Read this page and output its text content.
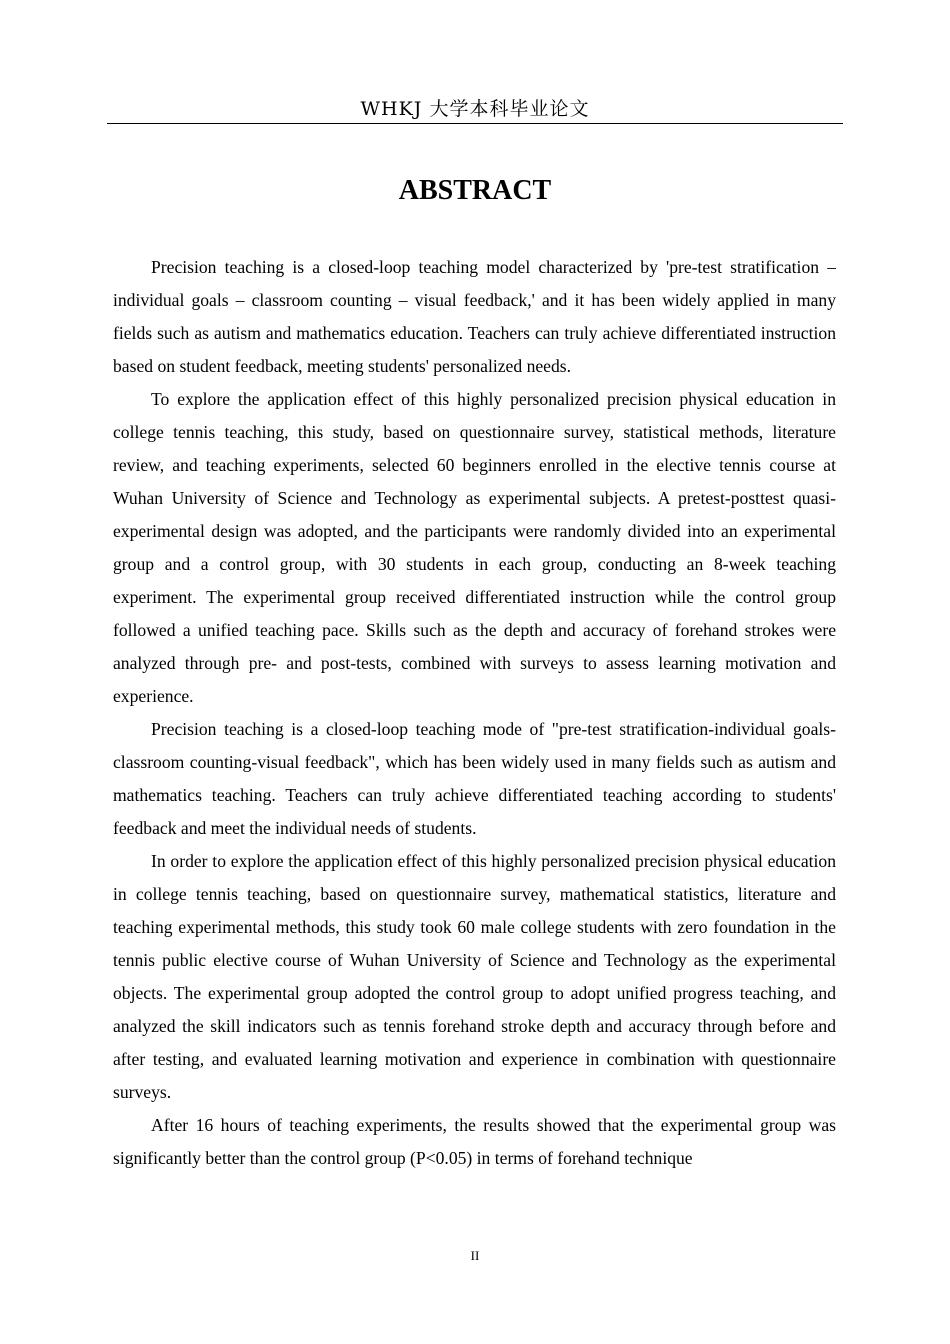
WHKJ 大学本科毕业论文
ABSTRACT

Precision teaching is a closed-loop teaching model characterized by 'pre-test stratification – individual goals – classroom counting – visual feedback,' and it has been widely applied in many fields such as autism and mathematics education. Teachers can truly achieve differentiated instruction based on student feedback, meeting students' personalized needs.

To explore the application effect of this highly personalized precision physical education in college tennis teaching, this study, based on questionnaire survey, statistical methods, literature review, and teaching experiments, selected 60 beginners enrolled in the elective tennis course at Wuhan University of Science and Technology as experimental subjects. A pretest-posttest quasi-experimental design was adopted, and the participants were randomly divided into an experimental group and a control group, with 30 students in each group, conducting an 8-week teaching experiment. The experimental group received differentiated instruction while the control group followed a unified teaching pace. Skills such as the depth and accuracy of forehand strokes were analyzed through pre- and post-tests, combined with surveys to assess learning motivation and experience.

Precision teaching is a closed-loop teaching mode of "pre-test stratification-individual goals-classroom counting-visual feedback", which has been widely used in many fields such as autism and mathematics teaching. Teachers can truly achieve differentiated teaching according to students' feedback and meet the individual needs of students.

In order to explore the application effect of this highly personalized precision physical education in college tennis teaching, based on questionnaire survey, mathematical statistics, literature and teaching experimental methods, this study took 60 male college students with zero foundation in the tennis public elective course of Wuhan University of Science and Technology as the experimental objects. The experimental group adopted the control group to adopt unified progress teaching, and analyzed the skill indicators such as tennis forehand stroke depth and accuracy through before and after testing, and evaluated learning motivation and experience in combination with questionnaire surveys.

After 16 hours of teaching experiments, the results showed that the experimental group was significantly better than the control group (P<0.05) in terms of forehand technique

II
